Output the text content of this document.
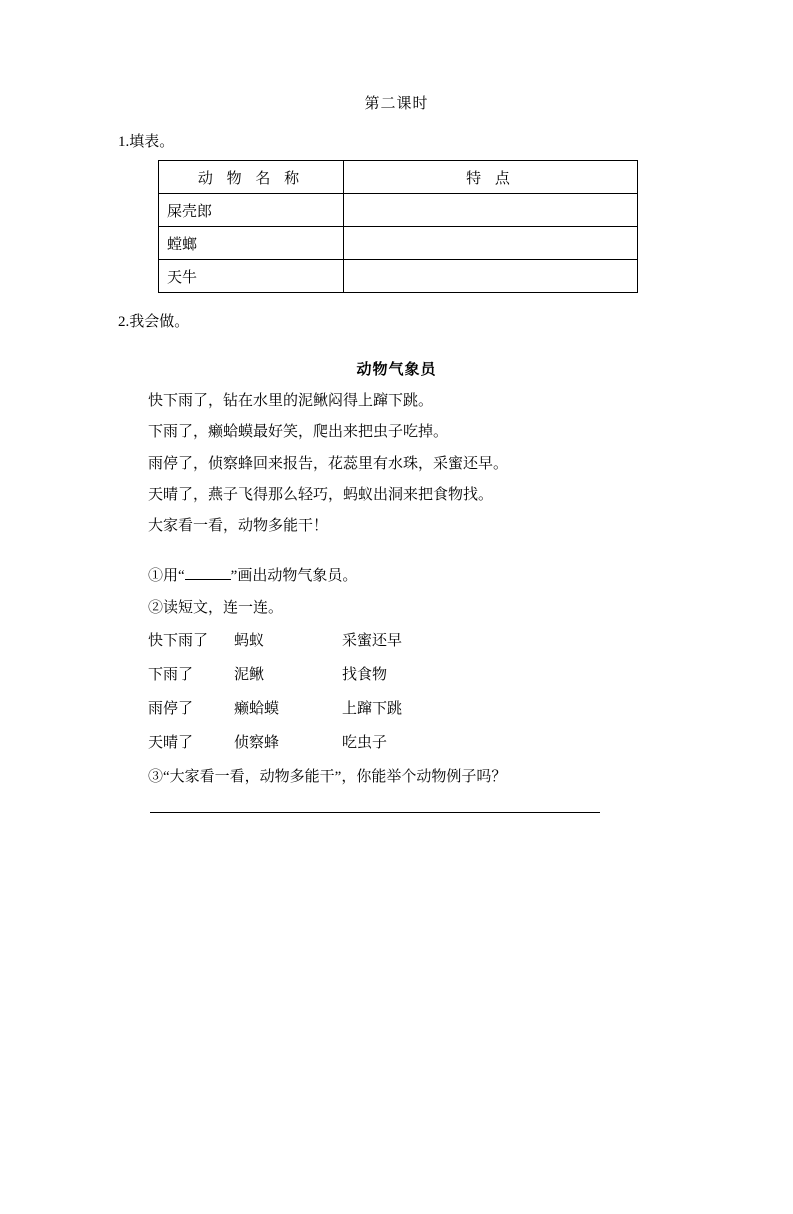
第二课时
1.填表。
动 物 名 称	特 点
屎壳郎	
螳螂	
天牛	
2.我会做。
动物气象员

快下雨了，钻在水里的泥鳅闷得上蹿下跳。

下雨了，癞蛤蟆最好笑，爬出来把虫子吃掉。

雨停了，侦察蜂回来报告，花蕊里有水珠，采蜜还早。

天晴了，燕子飞得那么轻巧，蚂蚁出洞来把食物找。

大家看一看，动物多能干！

①用“	”画出动物气象员。

②读短文，连一连。

快下雨了	蚂蚁	采蜜还早
下雨了	泥鳅	找食物
雨停了	癞蛤蟆	上蹿下跳
天晴了	侦察蜂	吃虫子
③“大家看一看，动物多能干”，你能举个动物例子吗？
